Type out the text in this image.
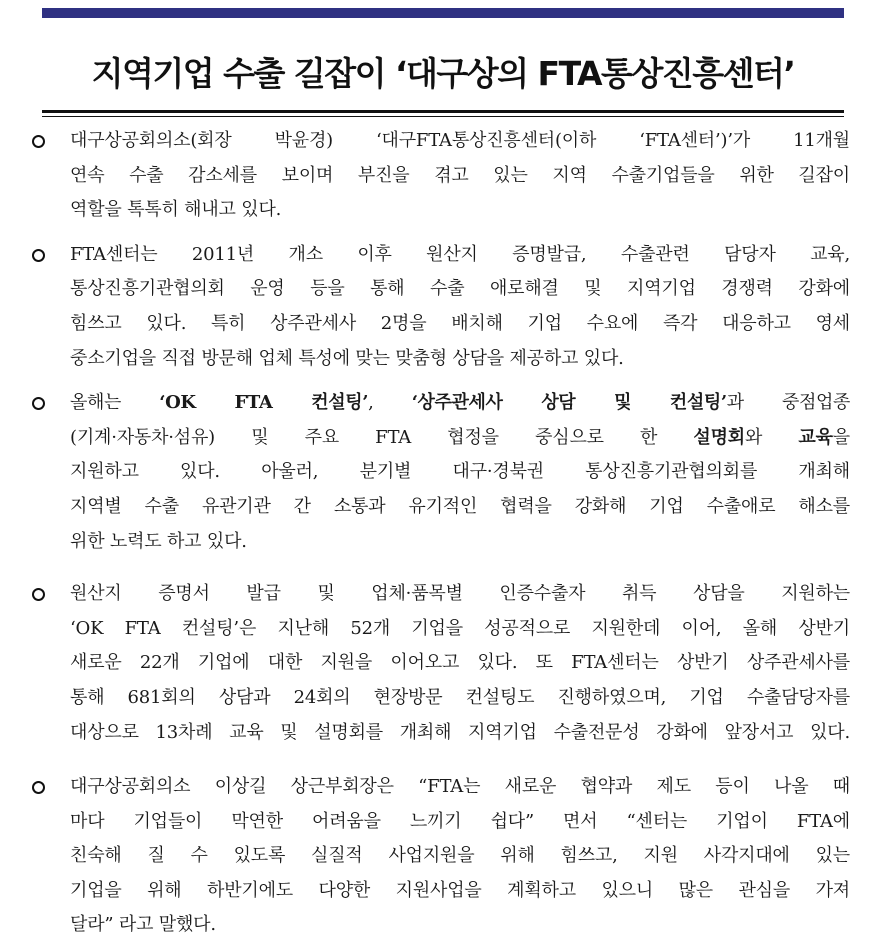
지역기업 수출 길잡이 ‘대구상의 FTA통상진흥센터’
대구상공회의소(회장 박윤경) ‘대구FTA통상진흥센터(이하 ‘FTA센터’)’가 11개월
연속 수출 감소세를 보이며 부진을 겪고 있는 지역 수출기업들을 위한 길잡이
역할을 톡톡히 해내고 있다.
FTA센터는 2011년 개소 이후 원산지 증명발급, 수출관련 담당자 교육,
통상진흥기관협의회 운영 등을 통해 수출 애로해결 및 지역기업 경쟁력 강화에
힘쓰고 있다. 특히 상주관세사 2명을 배치해 기업 수요에 즉각 대응하고 영세
중소기업을 직접 방문해 업체 특성에 맞는 맞춤형 상담을 제공하고 있다.
올해는 ‘OK FTA 컨설팅’, ‘상주관세사 상담 및 컨설팅’과 중점업종
(기계·자동차·섬유) 및 주요 FTA 협정을 중심으로 한 설명회와 교육을
지원하고 있다. 아울러, 분기별 대구·경북권 통상진흥기관협의회를 개최해
지역별 수출 유관기관 간 소통과 유기적인 협력을 강화해 기업 수출애로 해소를
위한 노력도 하고 있다.
원산지 증명서 발급 및 업체·품목별 인증수출자 취득 상담을 지원하는
‘OK FTA 컨설팅’은 지난해 52개 기업을 성공적으로 지원한데 이어, 올해 상반기
새로운 22개 기업에 대한 지원을 이어오고 있다. 또 FTA센터는 상반기 상주관세사를
통해 681회의 상담과 24회의 현장방문 컨설팅도 진행하였으며, 기업 수출담당자를
대상으로 13차례 교육 및 설명회를 개최해 지역기업 수출전문성 강화에 앞장서고 있다.
대구상공회의소 이상길 상근부회장은 “FTA는 새로운 협약과 제도 등이 나올 때
마다 기업들이 막연한 어려움을 느끼기 쉽다” 면서 “센터는 기업이 FTA에
친숙해 질 수 있도록 실질적 사업지원을 위해 힘쓰고, 지원 사각지대에 있는
기업을 위해 하반기에도 다양한 지원사업을 계획하고 있으니 많은 관심을 가져
달라” 라고 말했다.
